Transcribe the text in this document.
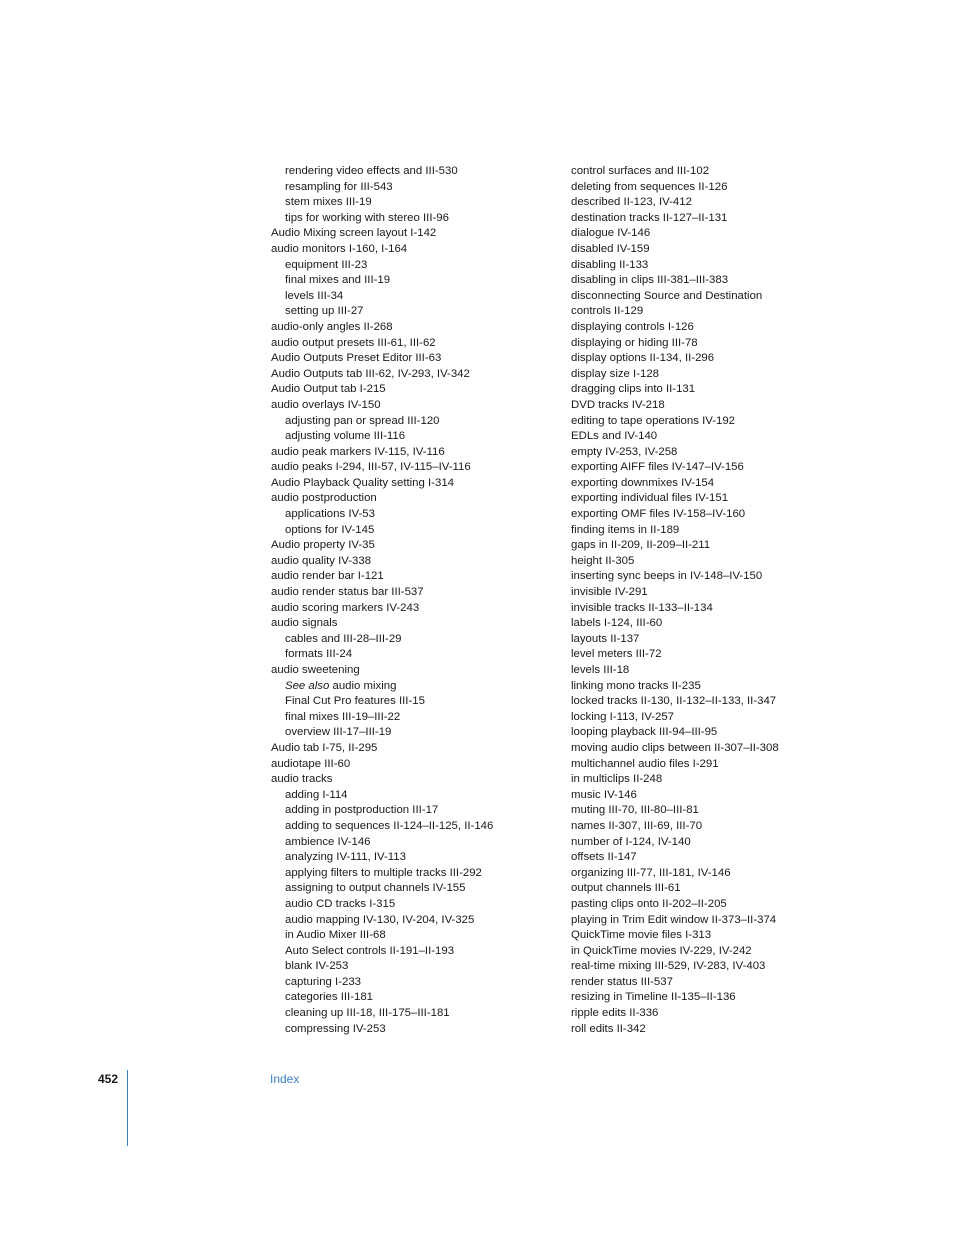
rendering video effects and III-530
resampling for III-543
stem mixes III-19
tips for working with stereo III-96
Audio Mixing screen layout I-142
audio monitors I-160, I-164
equipment III-23
final mixes and III-19
levels III-34
setting up III-27
audio-only angles II-268
audio output presets III-61, III-62
Audio Outputs Preset Editor III-63
Audio Outputs tab III-62, IV-293, IV-342
Audio Output tab I-215
audio overlays IV-150
adjusting pan or spread III-120
adjusting volume III-116
audio peak markers IV-115, IV-116
audio peaks I-294, III-57, IV-115–IV-116
Audio Playback Quality setting I-314
audio postproduction
applications IV-53
options for IV-145
Audio property IV-35
audio quality IV-338
audio render bar I-121
audio render status bar III-537
audio scoring markers IV-243
audio signals
cables and III-28–III-29
formats III-24
audio sweetening
See also audio mixing
Final Cut Pro features III-15
final mixes III-19–III-22
overview III-17–III-19
Audio tab I-75, II-295
audiotape III-60
audio tracks
adding I-114
adding in postproduction III-17
adding to sequences II-124–II-125, II-146
ambience IV-146
analyzing IV-111, IV-113
applying filters to multiple tracks III-292
assigning to output channels IV-155
audio CD tracks I-315
audio mapping IV-130, IV-204, IV-325
in Audio Mixer III-68
Auto Select controls II-191–II-193
blank IV-253
capturing I-233
categories III-181
cleaning up III-18, III-175–III-181
compressing IV-253
control surfaces and III-102
deleting from sequences II-126
described II-123, IV-412
destination tracks II-127–II-131
dialogue IV-146
disabled IV-159
disabling II-133
disabling in clips III-381–III-383
disconnecting Source and Destination
controls II-129
displaying controls I-126
displaying or hiding III-78
display options II-134, II-296
display size I-128
dragging clips into II-131
DVD tracks IV-218
editing to tape operations IV-192
EDLs and IV-140
empty IV-253, IV-258
exporting AIFF files IV-147–IV-156
exporting downmixes IV-154
exporting individual files IV-151
exporting OMF files IV-158–IV-160
finding items in II-189
gaps in II-209, II-209–II-211
height II-305
inserting sync beeps in IV-148–IV-150
invisible IV-291
invisible tracks II-133–II-134
labels I-124, III-60
layouts II-137
level meters III-72
levels III-18
linking mono tracks II-235
locked tracks II-130, II-132–II-133, II-347
locking I-113, IV-257
looping playback III-94–III-95
moving audio clips between II-307–II-308
multichannel audio files I-291
in multiclips II-248
music IV-146
muting III-70, III-80–III-81
names II-307, III-69, III-70
number of I-124, IV-140
offsets II-147
organizing III-77, III-181, IV-146
output channels III-61
pasting clips onto II-202–II-205
playing in Trim Edit window II-373–II-374
QuickTime movie files I-313
in QuickTime movies IV-229, IV-242
real-time mixing III-529, IV-283, IV-403
render status III-537
resizing in Timeline II-135–II-136
ripple edits II-336
roll edits II-342
452	Index
